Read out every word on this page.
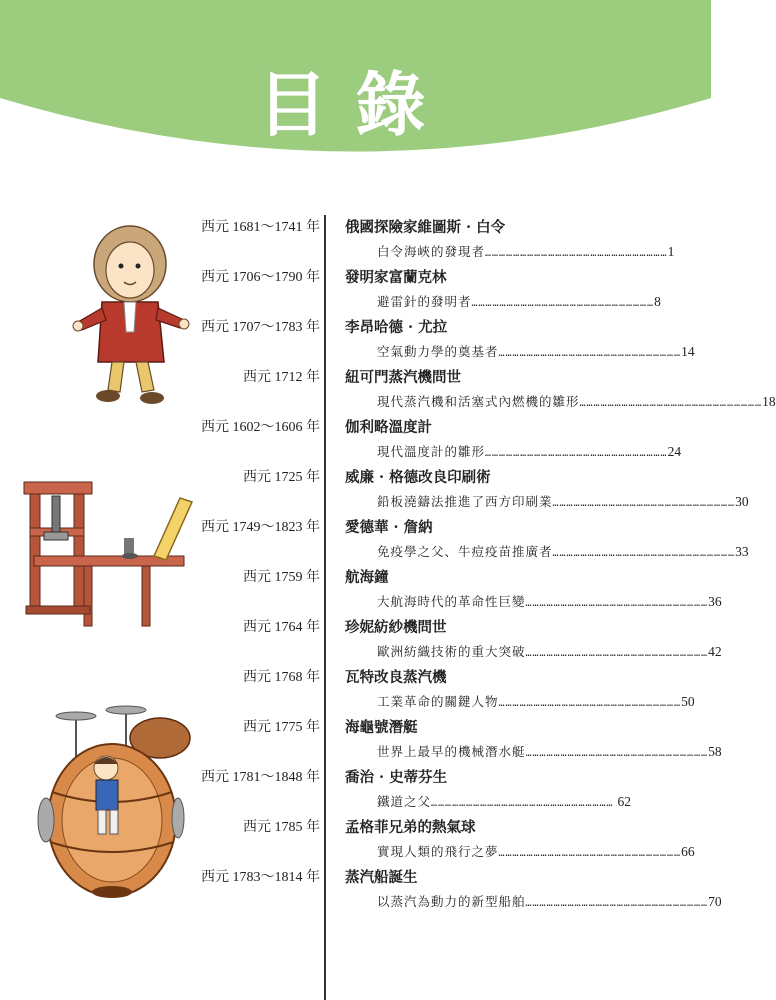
目錄
西元 1681～1741 年 俄國探險家維圖斯 · 白令
白令海峽的發現者 …………………………………………………………………… 1
西元 1706～1790 年 發明家富蘭克林
避雷針的發明者 …………………………………………………………………… 8
西元 1707～1783 年 李昂哈德 · 尤拉
空氣動力學的奠基者 …………………………………………………………………… 14
西元 1712 年 紐可門蒸汽機問世
現代蒸汽機和活塞式內燃機的雛形 …………………………………………………………………… 18
西元 1602～1606 年 伽利略溫度計
現代溫度計的雛形 …………………………………………………………………… 24
西元 1725 年 威廉 · 格德改良印刷術
鉛板澆鑄法推進了西方印刷業 …………………………………………………………………… 30
西元 1749～1823 年 愛德華 · 詹納
免疫學之父、牛痘疫苗推廣者 …………………………………………………………………… 33
西元 1759 年 航海鐘
大航海時代的革命性巨變 …………………………………………………………………… 36
西元 1764 年 珍妮紡紗機問世
歐洲紡織技術的重大突破 …………………………………………………………………… 42
西元 1768 年 瓦特改良蒸汽機
工業革命的關鍵人物 …………………………………………………………………… 50
西元 1775 年 海龜號潛艇
世界上最早的機械潛水艇 …………………………………………………………………… 58
西元 1781～1848 年 喬治 · 史蒂芬生
鐵道之父 …………………………………………………………………… 62
西元 1785 年 孟格菲兄弟的熱氣球
實現人類的飛行之夢 …………………………………………………………………… 66
西元 1783～1814 年 蒸汽船誕生
以蒸汽為動力的新型船舶 …………………………………………………………………… 70
